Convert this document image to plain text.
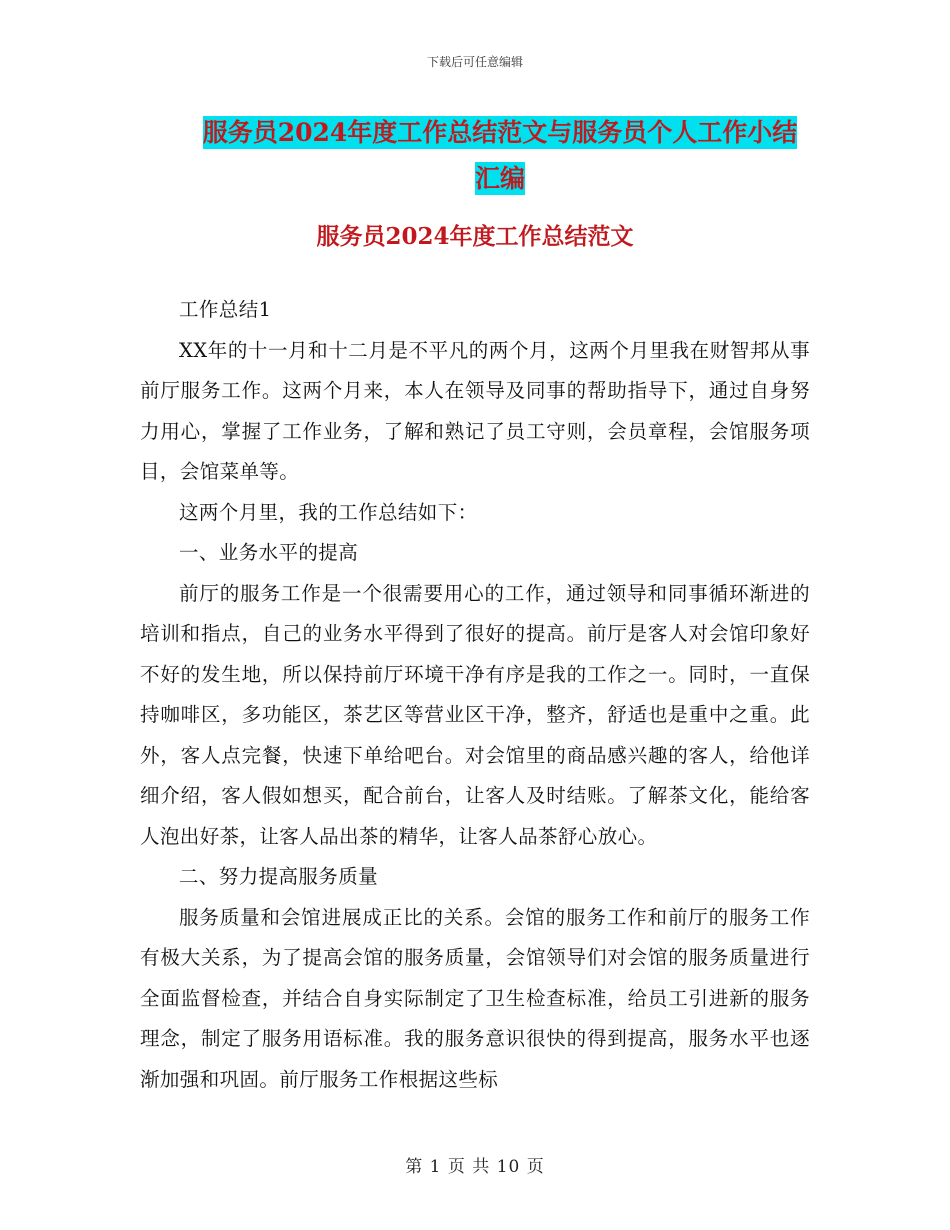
下载后可任意编辑
服务员2024年度工作总结范文与服务员个人工作小结
汇编
服务员2024年度工作总结范文

工作总结1

XX年的十一月和十二月是不平凡的两个月，这两个月里我在财智邦从事前厅服务工作。这两个月来，本人在领导及同事的帮助指导下，通过自身努力用心，掌握了工作业务，了解和熟记了员工守则，会员章程，会馆服务项目，会馆菜单等。

这两个月里，我的工作总结如下：

一、业务水平的提高

前厅的服务工作是一个很需要用心的工作，通过领导和同事循环渐进的培训和指点，自己的业务水平得到了很好的提高。前厅是客人对会馆印象好不好的发生地，所以保持前厅环境干净有序是我的工作之一。同时，一直保持咖啡区，多功能区，茶艺区等营业区干净，整齐，舒适也是重中之重。此外，客人点完餐，快速下单给吧台。对会馆里的商品感兴趣的客人，给他详细介绍，客人假如想买，配合前台，让客人及时结账。了解茶文化，能给客人泡出好茶，让客人品出茶的精华，让客人品茶舒心放心。

二、努力提高服务质量

服务质量和会馆进展成正比的关系。会馆的服务工作和前厅的服务工作有极大关系，为了提高会馆的服务质量，会馆领导们对会馆的服务质量进行全面监督检查，并结合自身实际制定了卫生检查标准，给员工引进新的服务理念，制定了服务用语标准。我的服务意识很快的得到提高，服务水平也逐渐加强和巩固。前厅服务工作根据这些标

第 1 页 共 10 页
